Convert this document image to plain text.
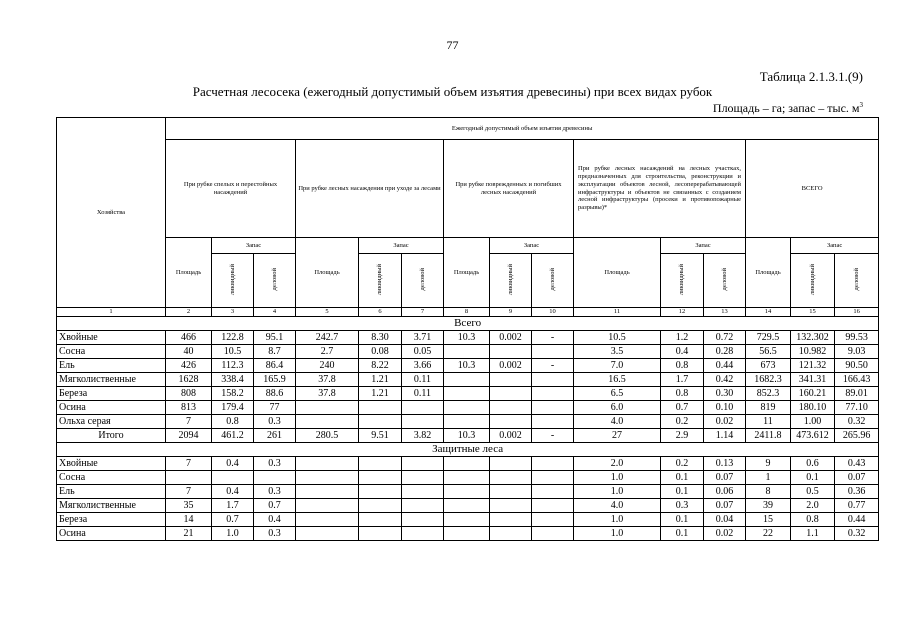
77
Таблица 2.1.3.1.(9)
Расчетная лесосека (ежегодный допустимый объем изъятия древесины) при всех видах рубок
Площадь – га; запас – тыс. $м^3$
Хозяйства	Ежегодный допустимый объем изъятия древесины														
	При рубке спелых и перестойных насаждений			При рубке лесных насаждения при уходе за лесами			При рубке поврежденных и погибших лесных насаждений			При рубке лесных насаждений на лесных участках, предназначенных для строительства, реконструкции и эксплуатации объектов лесной, лесоперерабатывающей инфраструктуры и объектов не связанных с созданием лесной инфраструктуры (просеки и противопожарные разрывы)*			ВСЕГО		
	Площадь	Запас		Площадь	Запас		Площадь	Запас		Площадь	Запас		Площадь	Запас	
		ликвидный	деловой		ликвидный	деловой		ликвидный	деловой		ликвидный	деловой		ликвидный	деловой
1	2	3	4	5	6	7	8	9	10	11	12	13	14	15	16
Всего															
Хвойные	466	122.8	95.1	242.7	8.30	3.71	10.3	0.002	-	10.5	1.2	0.72	729.5	132.302	99.53
Сосна	40	10.5	8.7	2.7	0.08	0.05				3.5	0.4	0.28	56.5	10.982	9.03
Ель	426	112.3	86.4	240	8.22	3.66	10.3	0.002	-	7.0	0.8	0.44	673	121.32	90.50
Мягколиственные	1628	338.4	165.9	37.8	1.21	0.11				16.5	1.7	0.42	1682.3	341.31	166.43
Береза	808	158.2	88.6	37.8	1.21	0.11				6.5	0.8	0.30	852.3	160.21	89.01
Осина	813	179.4	77							6.0	0.7	0.10	819	180.10	77.10
Ольха серая	7	0.8	0.3							4.0	0.2	0.02	11	1.00	0.32
Итого	2094	461.2	261	280.5	9.51	3.82	10.3	0.002	-	27	2.9	1.14	2411.8	473.612	265.96
Защитные леса															
Хвойные	7	0.4	0.3							2.0	0.2	0.13	9	0.6	0.43
Сосна										1.0	0.1	0.07	1	0.1	0.07
Ель	7	0.4	0.3							1.0	0.1	0.06	8	0.5	0.36
Мягколиственные	35	1.7	0.7							4.0	0.3	0.07	39	2.0	0.77
Береза	14	0.7	0.4							1.0	0.1	0.04	15	0.8	0.44
Осина	21	1.0	0.3							1.0	0.1	0.02	22	1.1	0.32
